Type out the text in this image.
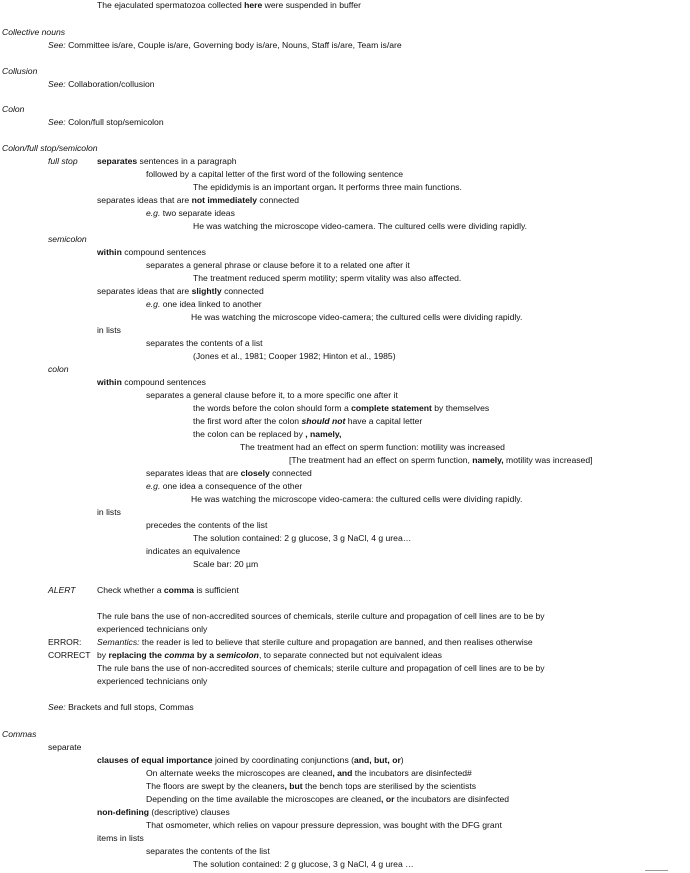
The ejaculated spermatozoa collected here were suspended in buffer
Collective nouns
See: Committee is/are, Couple is/are, Governing body is/are, Nouns, Staff is/are, Team is/are
Collusion
See: Collaboration/collusion
Colon
See: Colon/full stop/semicolon
Colon/full stop/semicolon
full stop separates sentences in a paragraph
followed by a capital letter of the first word of the following sentence
The epididymis is an important organ. It performs three main functions.
separates ideas that are not immediately connected
e.g. two separate ideas
He was watching the microscope video-camera. The cultured cells were dividing rapidly.
semicolon
within compound sentences
separates a general phrase or clause before it to a related one after it
The treatment reduced sperm motility; sperm vitality was also affected.
separates ideas that are slightly connected
e.g. one idea linked to another
He was watching the microscope video-camera; the cultured cells were dividing rapidly.
in lists
separates the contents of a list
(Jones et al., 1981; Cooper 1982; Hinton et al., 1985)
colon
within compound sentences
separates a general clause before it, to a more specific one after it
the words before the colon should form a complete statement by themselves
the first word after the colon should not have a capital letter
the colon can be replaced by , namely,
The treatment had an effect on sperm function: motility was increased
[The treatment had an effect on sperm function, namely, motility was increased]
separates ideas that are closely connected
e.g. one idea a consequence of the other
He was watching the microscope video-camera: the cultured cells were dividing rapidly.
in lists
precedes the contents of the list
The solution contained: 2 g glucose, 3 g NaCl, 4 g urea…
indicates an equivalence
Scale bar: 20 µm
ALERT Check whether a comma is sufficient
The rule bans the use of non-accredited sources of chemicals, sterile culture and propagation of cell lines are to be by
experienced technicians only
ERROR: Semantics: the reader is led to believe that sterile culture and propagation are banned, and then realises otherwise
CORRECT by replacing the comma by a semicolon, to separate connected but not equivalent ideas
The rule bans the use of non-accredited sources of chemicals; sterile culture and propagation of cell lines are to be by
experienced technicians only
See: Brackets and full stops, Commas
Commas
separate
clauses of equal importance joined by coordinating conjunctions (and, but, or)
On alternate weeks the microscopes are cleaned, and the incubators are disinfected#
The floors are swept by the cleaners, but the bench tops are sterilised by the scientists
Depending on the time available the microscopes are cleaned, or the incubators are disinfected
non-defining (descriptive) clauses
That osmometer, which relies on vapour pressure depression, was bought with the DFG grant
items in lists
separates the contents of the list
The solution contained: 2 g glucose, 3 g NaCl, 4 g urea …
